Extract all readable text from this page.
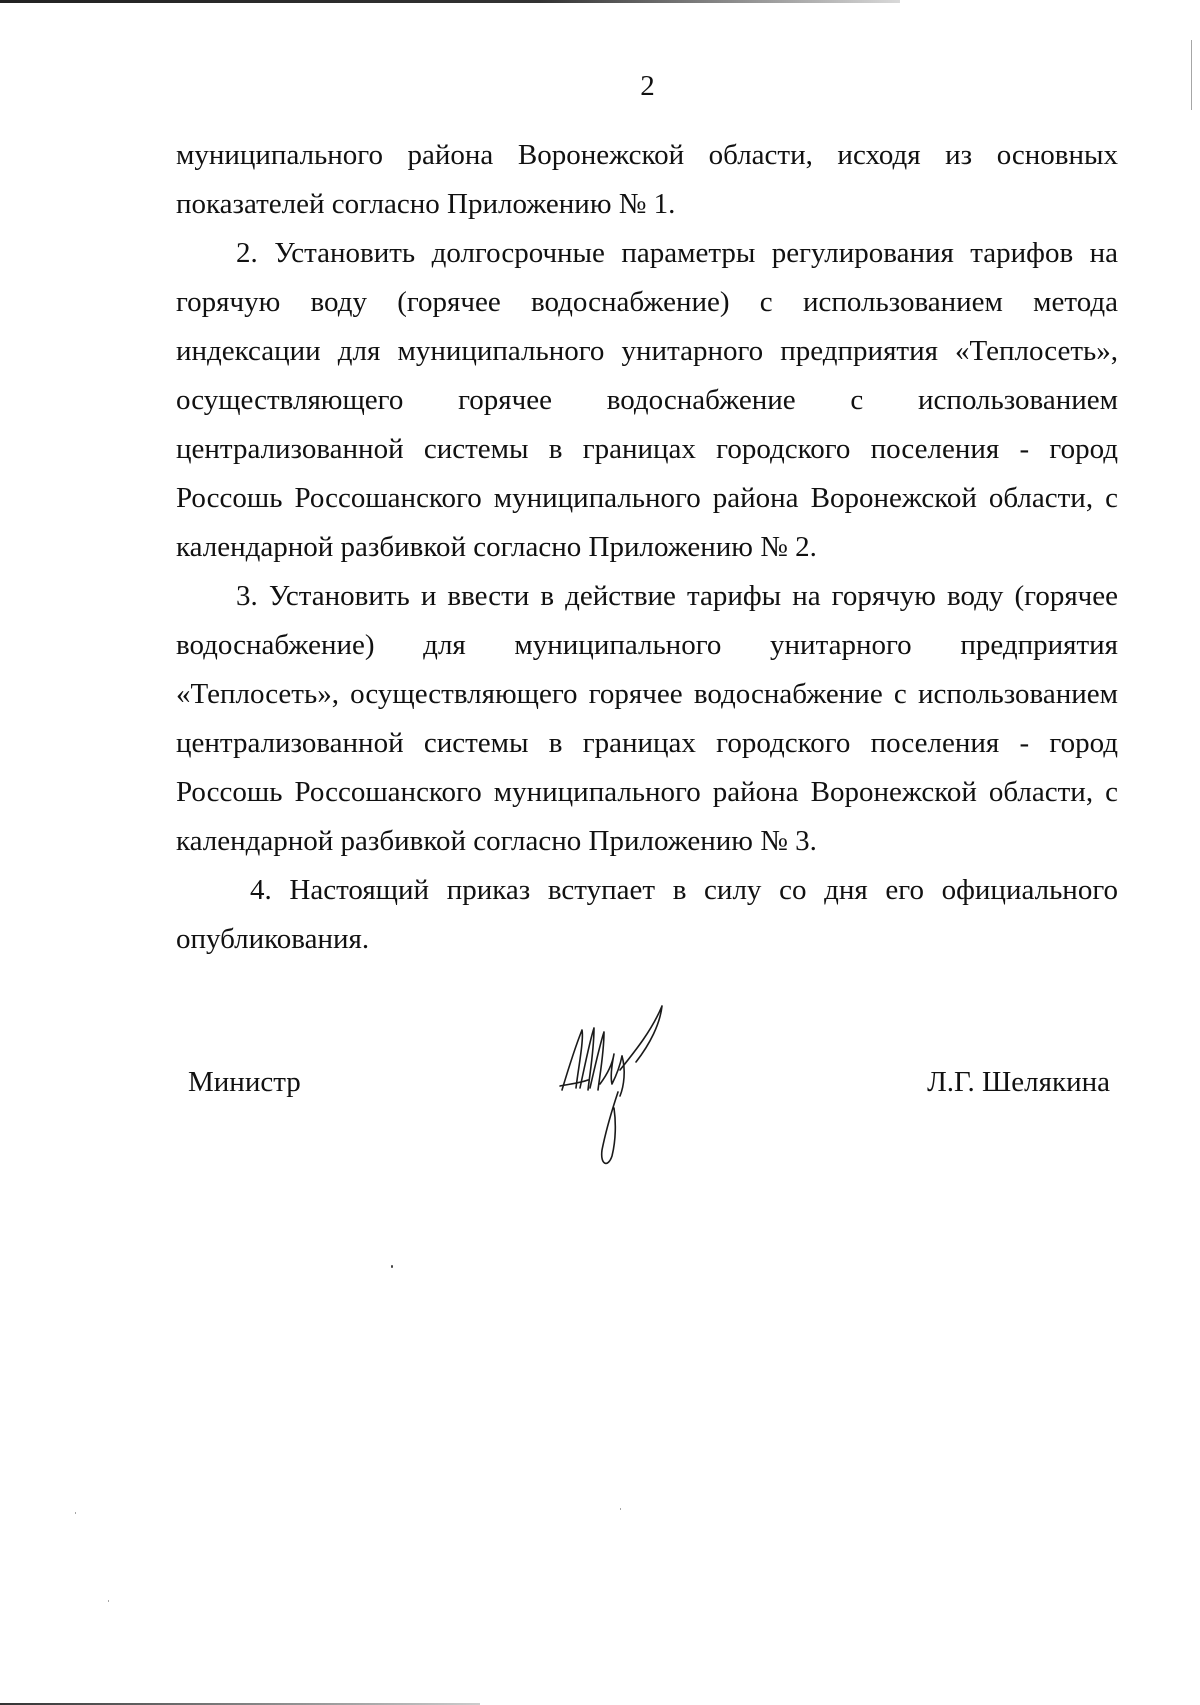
2

муниципального района Воронежской области, исходя из основных показателей согласно Приложению № 1.

2. Установить долгосрочные параметры регулирования тарифов на горячую воду (горячее водоснабжение) с использованием метода индексации для муниципального унитарного предприятия «Теплосеть», осуществляющего горячее водоснабжение с использованием централизованной системы в границах городского поселения - город Россошь Россошанского муниципального района Воронежской области, с календарной разбивкой согласно Приложению № 2.

3. Установить и ввести в действие тарифы на горячую воду (горячее водоснабжение) для муниципального унитарного предприятия «Теплосеть», осуществляющего горячее водоснабжение с использованием централизованной системы в границах городского поселения - город Россошь Россошанского муниципального района Воронежской области, с календарной разбивкой согласно Приложению № 3.

4. Настоящий приказ вступает в силу со дня его официального опубликования.

Министр	Л.Г. Шелякина
